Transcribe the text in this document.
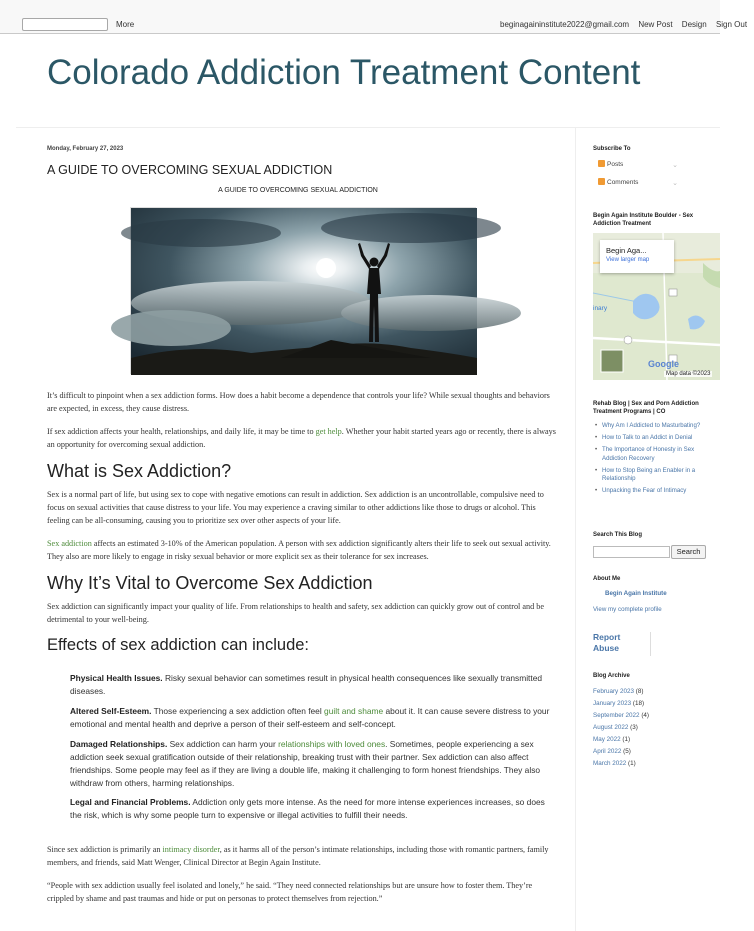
More	beginagaininstitute2022@gmail.com New Post Design Sign Out
Colorado Addiction Treatment Content
Monday, February 27, 2023
A GUIDE TO OVERCOMING SEXUAL ADDICTION
A GUIDE TO OVERCOMING SEXUAL ADDICTION

It’s difficult to pinpoint when a sex addiction forms. How does a habit become a dependence that controls your life? While sexual thoughts and behaviors are expected, in excess, they cause distress.

If sex addiction affects your health, relationships, and daily life, it may be time to get help. Whether your habit started years ago or recently, there is always an opportunity for overcoming sexual addiction.

What is Sex Addiction?

Sex is a normal part of life, but using sex to cope with negative emotions can result in addiction. Sex addiction is an uncontrollable, compulsive need to focus on sexual activities that cause distress to your life. You may experience a craving similar to other addictions like those to drugs or alcohol. This feeling can be all-consuming, causing you to prioritize sex over other aspects of your life.

Sex addiction affects an estimated 3-10% of the American population. A person with sex addiction significantly alters their life to seek out sexual activity. They also are more likely to engage in risky sexual behavior or more explicit sex as their tolerance for sex increases.

Why It’s Vital to Overcome Sex Addiction

Sex addiction can significantly impact your quality of life. From relationships to health and safety, sex addiction can quickly grow out of control and be detrimental to your well-being.

Effects of sex addiction can include:
Physical Health Issues. Risky sexual behavior can sometimes result in physical health consequences like sexually transmitted diseases.
Altered Self-Esteem. Those experiencing a sex addiction often feel guilt and shame about it. It can cause severe distress to your emotional and mental health and deprive a person of their self-esteem and self-concept.
Damaged Relationships. Sex addiction can harm your relationships with loved ones. Sometimes, people experiencing a sex addiction seek sexual gratification outside of their relationship, breaking trust with their partner. Sex addiction can also affect friendships. Some people may feel as if they are living a double life, making it challenging to form honest friendships. They also withdraw from others, harming relationships.
Legal and Financial Problems. Addiction only gets more intense. As the need for more intense experiences increases, so does the risk, which is why some people turn to expensive or illegal activities to fulfill their needs.

Since sex addiction is primarily an intimacy disorder, as it harms all of the person’s intimate relationships, including those with romantic partners, family members, and friends, said Matt Wenger, Clinical Director at Begin Again Institute.

“People with sex addiction usually feel isolated and lonely,” he said. “They need connected relationships but are unsure how to foster them. They’re crippled by shame and past traumas and hide or put on personas to protect themselves from rejection.”

Subscribe To
Posts	⌄
Comments	⌄
Begin Again Institute Boulder - Sex Addiction Treatment
Begin Aga...
View larger map
inary
Google
Map data ©2023
Rehab Blog | Sex and Porn Addiction Treatment Programs | CO
• Why Am I Addicted to Masturbating?
• How to Talk to an Addict in Denial
• The Importance of Honesty in Sex Addiction Recovery
• How to Stop Being an Enabler in a Relationship
• Unpacking the Fear of Intimacy
Search This Blog
Search
About Me
Begin Again Institute
View my complete profile
Report Abuse
Blog Archive
February 2023 (8)
January 2023 (18)
September 2022 (4)
August 2022 (3)
May 2022 (1)
April 2022 (5)
March 2022 (1)
